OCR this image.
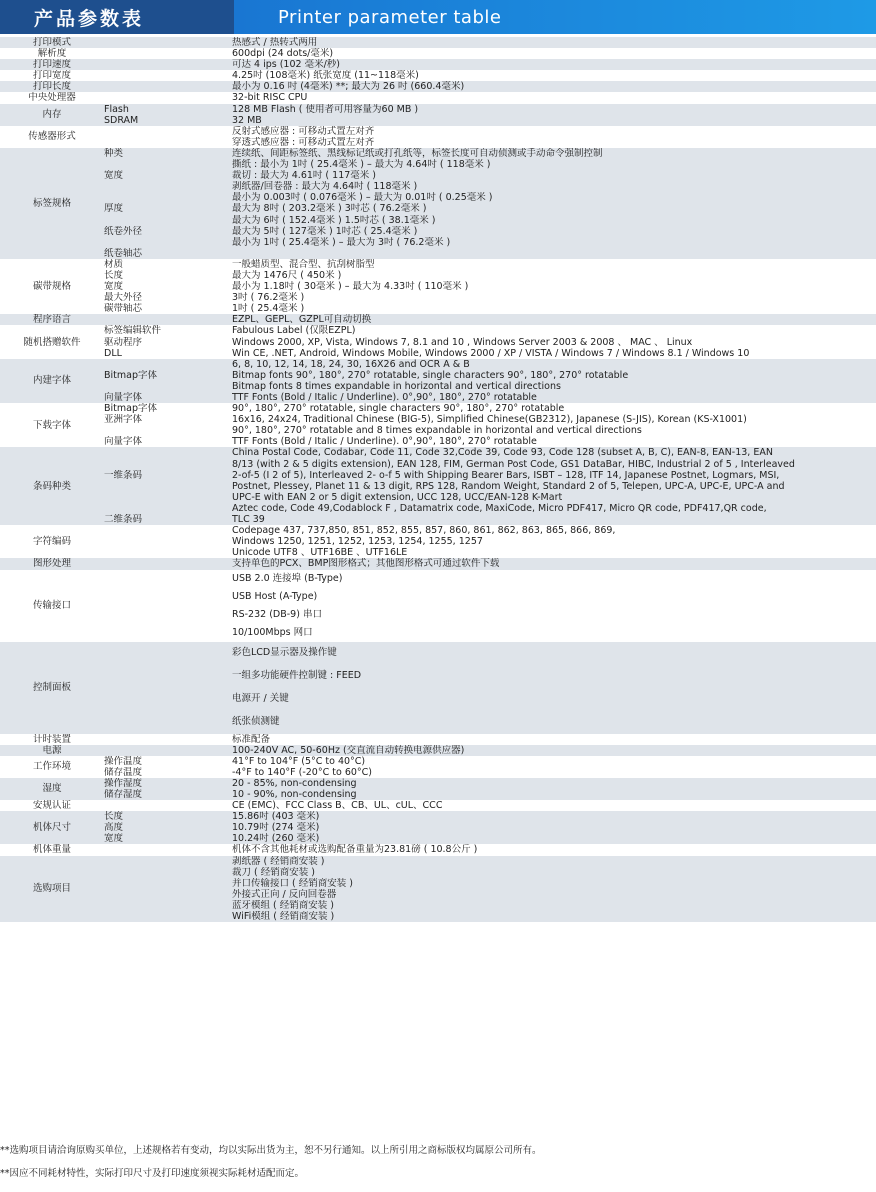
产品参数表	Printer parameter table
打印模式		热感式 / 热转式两用
解析度		600dpi (24 dots/毫米)
打印速度		可达 4 ips (102 毫米/秒)
打印宽度		4.25吋 (108毫米) 纸张宽度 (11~118毫米)
打印长度		最小为 0.16 吋 (4毫米) **; 最大为 26 吋 (660.4毫米)
中央处理器		32-bit RISC CPU
内存	Flash	128 MB Flash ( 使用者可用容量为60 MB )
	SDRAM	32 MB
传感器形式		反射式感应器 : 可移动式置左对齐
		穿透式感应器 : 可移动式置左对齐
标签规格	种类	连续纸、间距标签纸、黑线标记纸或打孔纸等，标签长度可自动侦测或手动命令强制控制
		撕纸 : 最小为 1吋 ( 25.4毫米 ) – 最大为 4.64吋 ( 118毫米 )
	宽度	裁切 : 最大为 4.61吋 ( 117毫米 )
		剥纸器/回卷器 : 最大为 4.64吋 ( 118毫米 )
		最小为 0.003吋 ( 0.076毫米 ) – 最大为 0.01吋 ( 0.25毫米 )
	厚度	最大为 8吋 ( 203.2毫米 ) 3吋芯 ( 76.2毫米 )
		最大为 6吋 ( 152.4毫米 ) 1.5吋芯 ( 38.1毫米 )
	纸卷外径	最大为 5吋 ( 127毫米 ) 1吋芯 ( 25.4毫米 )
		最小为 1吋 ( 25.4毫米 ) – 最大为 3吋 ( 76.2毫米 )

	纸卷轴芯	
碳带规格	材质	一般蜡质型、混合型、抗刮树脂型
	长度	最大为 1476尺 ( 450米 )
	宽度	最小为 1.18吋 ( 30毫米 ) – 最大为 4.33吋 ( 110毫米 )
	最大外径	3吋 ( 76.2毫米 )
	碳带轴芯	1吋 ( 25.4毫米 )
程序语言		EZPL、GEPL、GZPL可自动切换
随机搭赠软件	标签编辑软件	Fabulous Label (仅限EZPL)
	驱动程序	Windows 2000, XP, Vista, Windows 7, 8.1 and 10 , Windows Server 2003 & 2008 、 MAC 、 Linux
	DLL	Win CE, .NET, Android, Windows Mobile, Windows 2000 / XP / VISTA / Windows 7 / Windows 8.1 / Windows 10
内建字体		6, 8, 10, 12, 14, 18, 24, 30, 16X26 and OCR A & B
	Bitmap字体	Bitmap fonts 90°, 180°, 270° rotatable, single characters 90°, 180°, 270° rotatable
		Bitmap fonts 8 times expandable in horizontal and vertical directions
	向量字体	TTF Fonts (Bold / Italic / Underline). 0°,90°, 180°, 270° rotatable
下载字体	Bitmap字体	90°, 180°, 270° rotatable, single characters 90°, 180°, 270° rotatable
	亚洲字体	16x16, 24x24, Traditional Chinese (BIG-5), Simplified Chinese(GB2312), Japanese (S-JIS), Korean (KS-X1001)
		90°, 180°, 270° rotatable and 8 times expandable in horizontal and vertical directions
	向量字体	TTF Fonts (Bold / Italic / Underline). 0°,90°, 180°, 270° rotatable
条码种类		China Postal Code, Codabar, Code 11, Code 32,Code 39, Code 93, Code 128 (subset A, B, C), EAN-8, EAN-13, EAN
		8/13 (with 2 & 5 digits extension), EAN 128, FIM, German Post Code, GS1 DataBar, HIBC, Industrial 2 of 5 , Interleaved
	一维条码	2-of-5 (I 2 of 5), Interleaved 2- o-f 5 with Shipping Bearer Bars, ISBT – 128, ITF 14, Japanese Postnet, Logmars, MSI,
		Postnet, Plessey, Planet 11 & 13 digit, RPS 128, Random Weight, Standard 2 of 5, Telepen, UPC-A, UPC-E, UPC-A and
		UPC-E with EAN 2 or 5 digit extension, UCC 128, UCC/EAN-128 K-Mart
		Aztec code, Code 49,Codablock F , Datamatrix code, MaxiCode, Micro PDF417, Micro QR code, PDF417,QR code,
	二维条码	TLC 39

字符编码		Codepage 437, 737,850, 851, 852, 855, 857, 860, 861, 862, 863, 865, 866, 869,
		Windows 1250, 1251, 1252, 1253, 1254, 1255, 1257
		Unicode UTF8 、UTF16BE 、UTF16LE
图形处理		支持单色的PCX、BMP图形格式；其他图形格式可通过软件下载
传输接口		USB 2.0 连接埠 (B-Type)
		USB Host (A-Type)
		RS-232 (DB-9) 串口
		10/100Mbps 网口
控制面板		彩色LCD显示器及操作键
		一组多功能硬件控制键 : FEED
		电源开 / 关键
		纸张侦测键
计时装置		标准配备
电源		100-240V AC, 50-60Hz (交直流自动转换电源供应器)
工作环境	操作温度	41°F to 104°F (5°C to 40°C)
	储存温度	-4°F to 140°F (-20°C to 60°C)
湿度	操作湿度	20 - 85%, non-condensing
	储存湿度	10 - 90%, non-condensing
安规认证		CE (EMC)、FCC Class B、CB、UL、cUL、CCC
机体尺寸	长度	15.86吋 (403 毫米)
	高度	10.79吋 (274 毫米)
	宽度	10.24吋 (260 毫米)
机体重量		机体不含其他耗材或选购配备重量为23.81磅 ( 10.8公斤 )
选购项目		剥纸器 ( 经销商安装 )
		裁刀 ( 经销商安装 )
		并口传输接口 ( 经销商安装 )
		外接式正向 / 反向回卷器
		蓝牙模组 ( 经销商安装 )
		WiFi模组 ( 经销商安装 )
**选购项目请洽询原购买单位，上述规格若有变动，均以实际出货为主，恕不另行通知。以上所引用之商标版权均属原公司所有。
**因应不同耗材特性，实际打印尺寸及打印速度须视实际耗材适配而定。
